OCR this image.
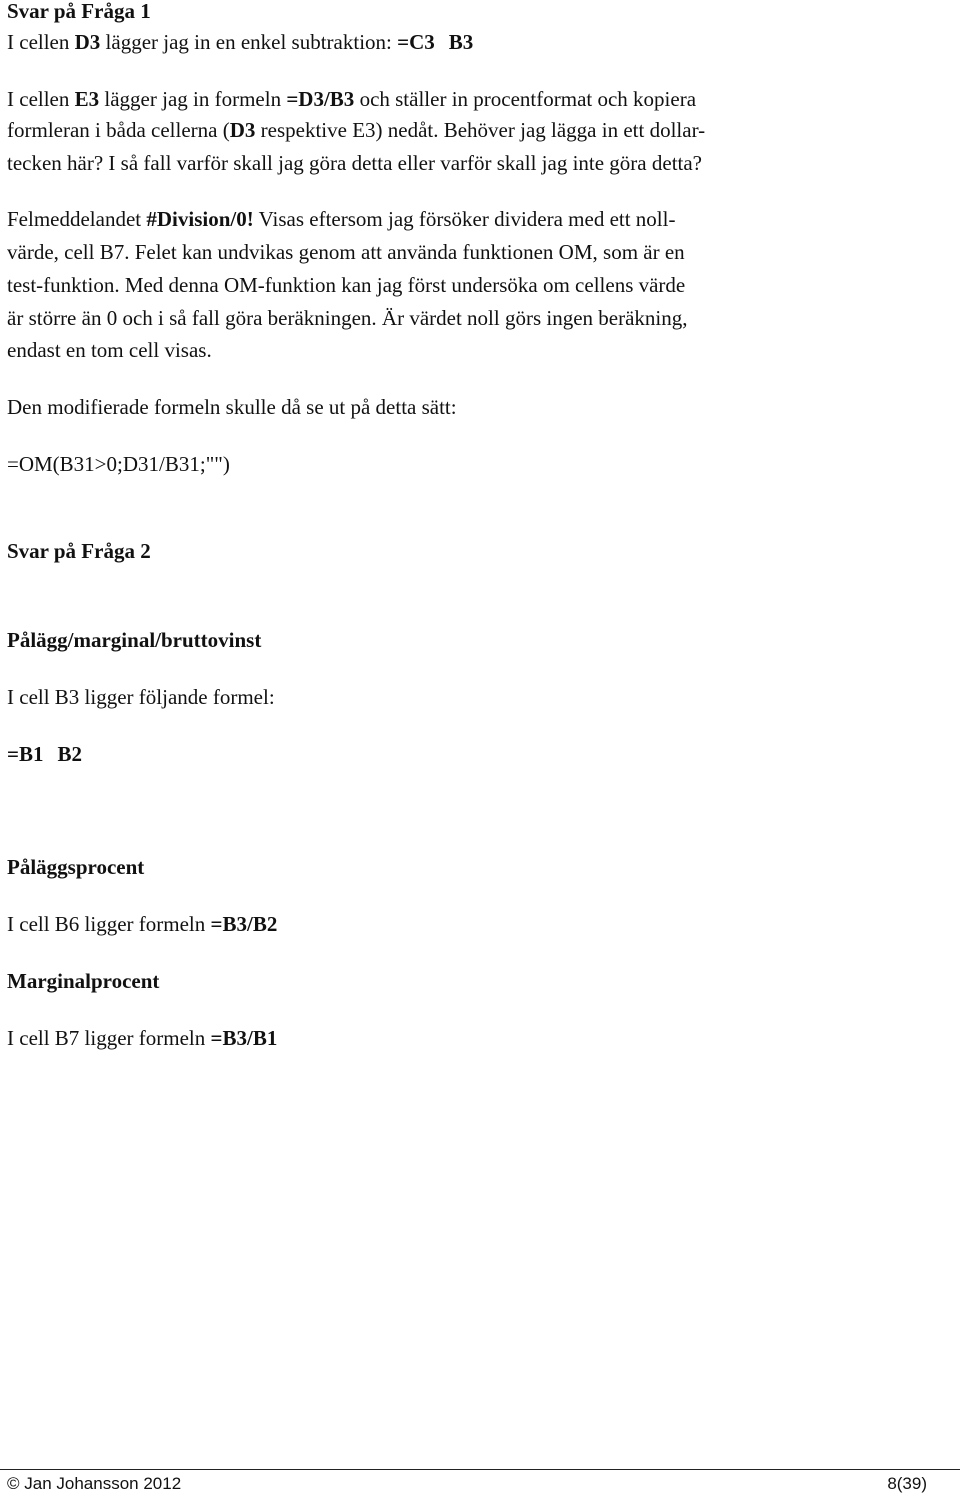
Svar på Fråga 1

I cellen D3 lägger jag in en enkel subtraktion: =C3 B3

I cellen E3 lägger jag in formeln =D3/B3 och ställer in procentformat och kopiera

formleran i båda cellerna (D3 respektive E3) nedåt. Behöver jag lägga in ett dollar-

tecken här? I så fall varför skall jag göra detta eller varför skall jag inte göra detta?

Felmeddelandet #Division/0! Visas eftersom jag försöker dividera med ett noll-

värde, cell B7. Felet kan undvikas genom att använda funktionen OM, som är en

test-funktion. Med denna OM-funktion kan jag först undersöka om cellens värde

är större än 0 och i så fall göra beräkningen. Är värdet noll görs ingen beräkning,

endast en tom cell visas.

Den modifierade formeln skulle då se ut på detta sätt:

=OM(B31>0;D31/B31;"")

Svar på Fråga 2

Pålägg/marginal/bruttovinst

I cell B3 ligger följande formel:

=B1 B2

Påläggsprocent

I cell B6 ligger formeln =B3/B2

Marginalprocent

I cell B7 ligger formeln =B3/B1

© Jan Johansson 2012	8(39)
